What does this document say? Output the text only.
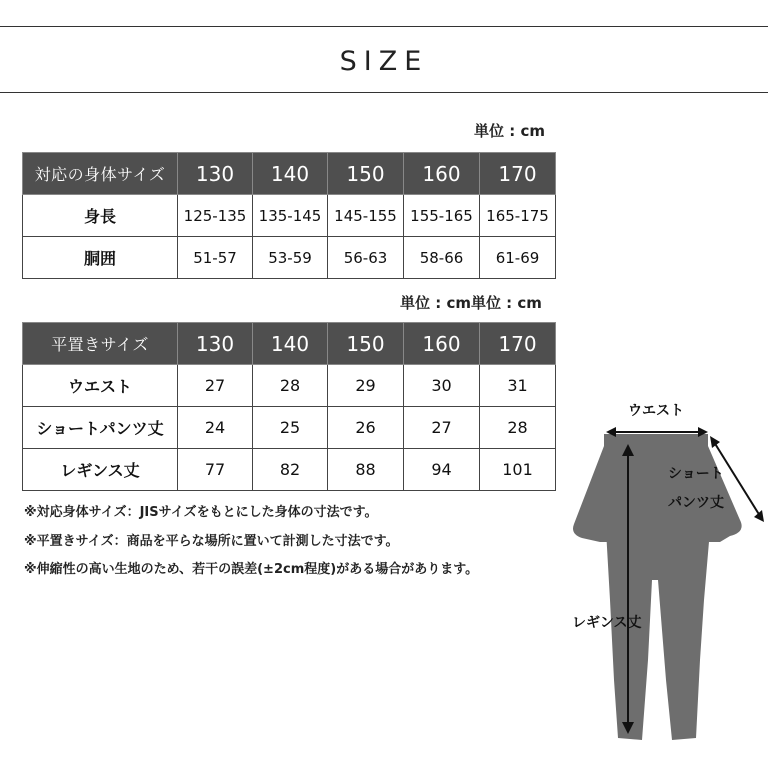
SIZE
単位 : cm
対応の身体サイズ	130	140	150	160	170
身長	125-135	135-145	145-155	155-165	165-175
胴囲	51-57	53-59	56-63	58-66	61-69
単位 : cm単位 : cm
平置きサイズ	130	140	150	160	170
ウエスト	27	28	29	30	31
ショートパンツ丈	24	25	26	27	28
レギンス丈	77	82	88	94	101
※対応身体サイズ：JISサイズをもとにした身体の寸法です。
※平置きサイズ：商品を平らな場所に置いて計測した寸法です。
※伸縮性の高い生地のため、若干の誤差(±2cm程度)がある場合があります。
ウエスト
ショート
パンツ丈
レギンス丈
